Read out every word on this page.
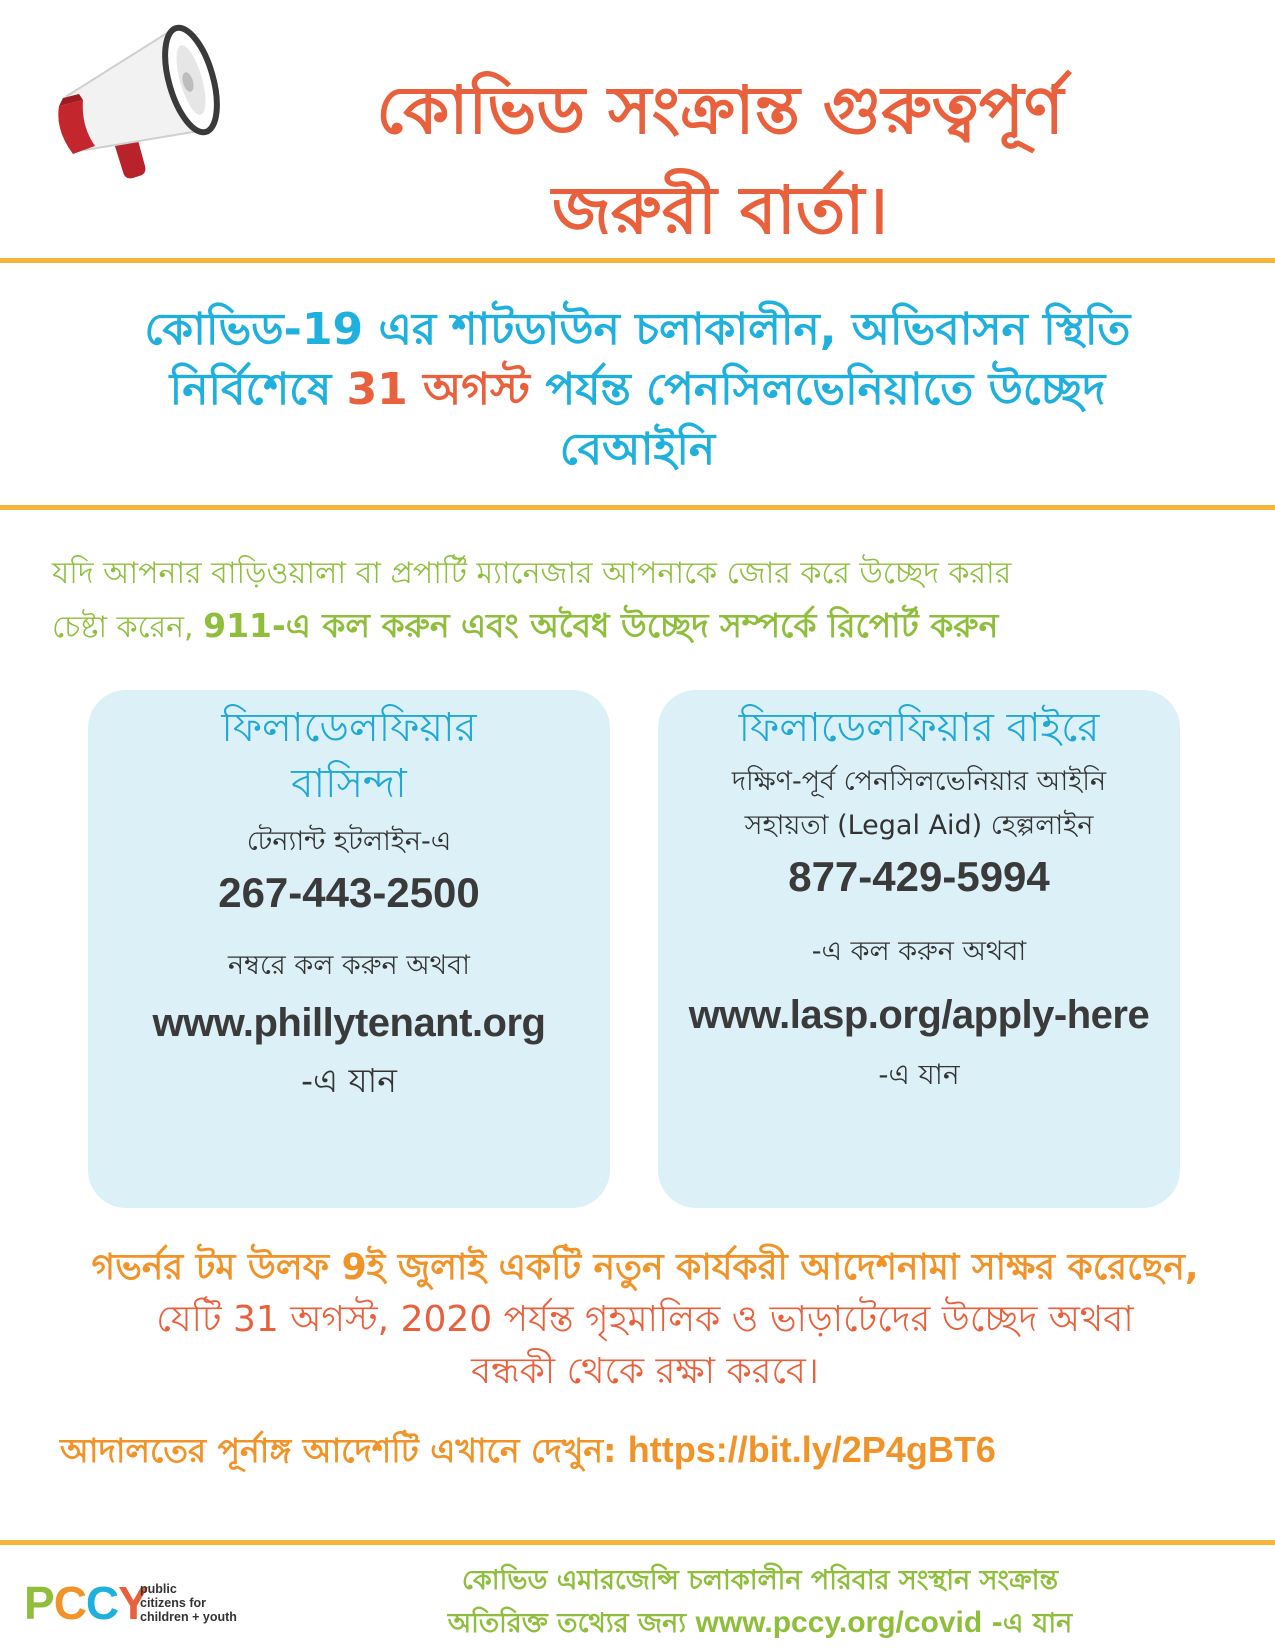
কোভিড সংক্রান্ত গুরুত্বপূর্ণ
জরুরী বার্তা।
কোভিড-19 এর শাটডাউন চলাকালীন, অভিবাসন স্থিতি
নির্বিশেষে 31 অগস্ট পর্যন্ত পেনসিলভেনিয়াতে উচ্ছেদ
বেআইনি
যদি আপনার বাড়িওয়ালা বা প্রপার্টি ম্যানেজার আপনাকে জোর করে উচ্ছেদ করার
চেষ্টা করেন, 911-এ কল করুন এবং অবৈধ উচ্ছেদ সম্পর্কে রিপোর্ট করুন
ফিলাডেলফিয়ার
বাসিন্দা
টেন্যান্ট হটলাইন-এ
267-443-2500
নম্বরে কল করুন অথবা
www.phillytenant.org
-এ যান
ফিলাডেলফিয়ার বাইরে
দক্ষিণ-পূর্ব পেনসিলভেনিয়ার আইনি
সহায়তা (Legal Aid) হেল্পলাইন
877-429-5994
-এ কল করুন অথবা
www.lasp.org/apply-here
-এ যান
গভর্নর টম উলফ 9ই জুলাই একটি নতুন কার্যকরী আদেশনামা সাক্ষর করেছেন,
যেটি 31 অগস্ট, 2020 পর্যন্ত গৃহমালিক ও ভাড়াটেদের উচ্ছেদ অথবা
বন্ধকী থেকে রক্ষা করবে।
আদালতের পূর্নাঙ্গ আদেশটি এখানে দেখুন: https://bit.ly/2P4gBT6
PCCY
public
citizens for
children + youth
কোভিড এমারজেন্সি চলাকালীন পরিবার সংস্থান সংক্রান্ত
অতিরিক্ত তথ্যের জন্য www.pccy.org/covid -এ যান
